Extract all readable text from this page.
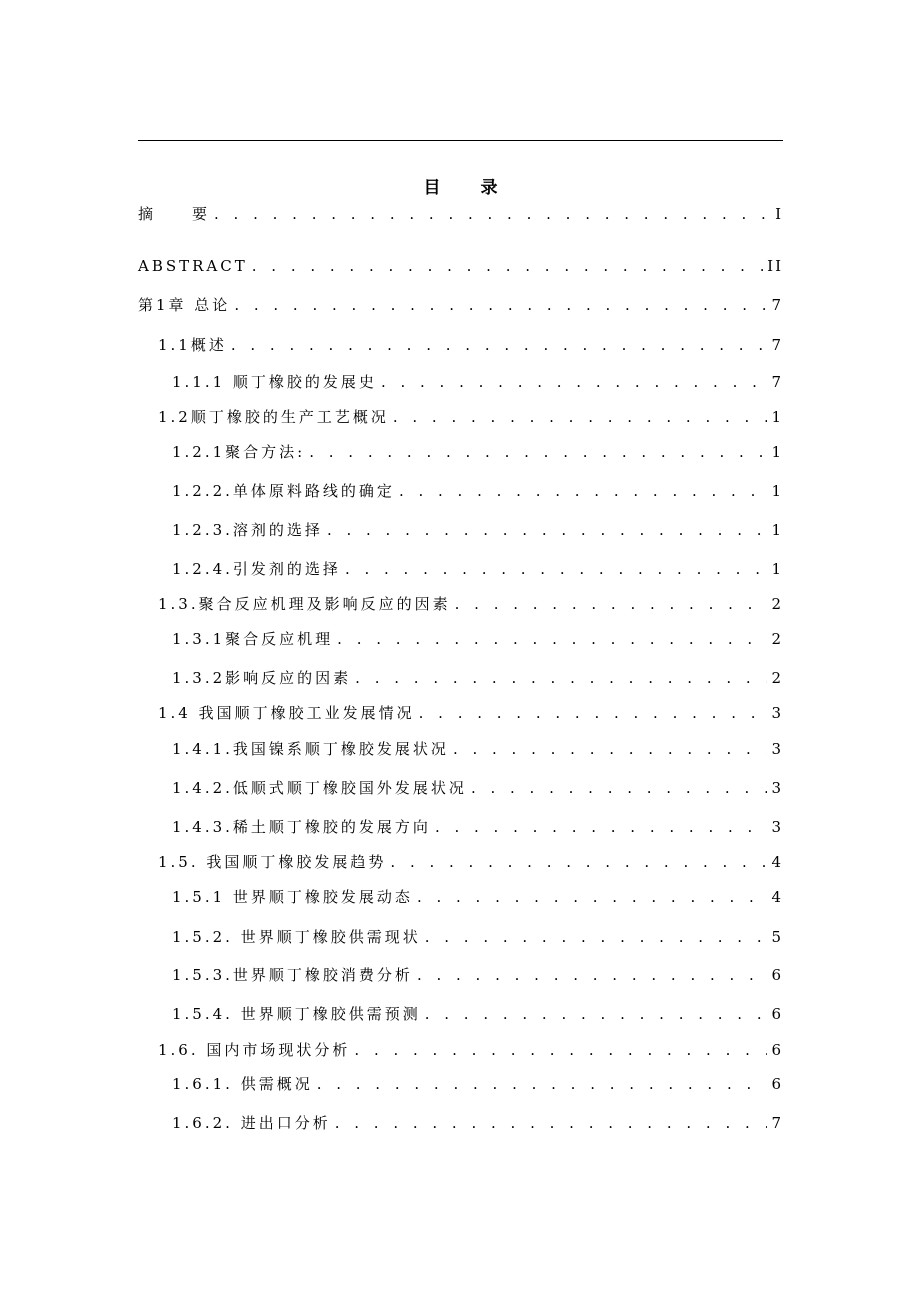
目录
摘　　要 . . .	I
ABSTRACT . . .	II
第1章 总论 . . .	7
1.1概述 . . .	7
1.1.1 顺丁橡胶的发展史 . . .	7
1.2顺丁橡胶的生产工艺概况 . . .	1
1.2.1聚合方法: . . .	1
1.2.2.单体原料路线的确定 . . .	1
1.2.3.溶剂的选择 . . .	1
1.2.4.引发剂的选择 . . .	1
1.3.聚合反应机理及影响反应的因素 . . .	2
1.3.1聚合反应机理 . . .	2
1.3.2影响反应的因素 . . .	2
1.4 我国顺丁橡胶工业发展情况 . . .	3
1.4.1.我国镍系顺丁橡胶发展状况 . . .	3
1.4.2.低顺式顺丁橡胶国外发展状况 . . .	3
1.4.3.稀土顺丁橡胶的发展方向 . . .	3
1.5. 我国顺丁橡胶发展趋势 . . .	4
1.5.1 世界顺丁橡胶发展动态 . . .	4
1.5.2. 世界顺丁橡胶供需现状 . . .	5
1.5.3.世界顺丁橡胶消费分析 . . .	6
1.5.4. 世界顺丁橡胶供需预测 . . .	6
1.6. 国内市场现状分析 . . .	6
1.6.1. 供需概况 . . .	6
1.6.2. 进出口分析 . . .	7
